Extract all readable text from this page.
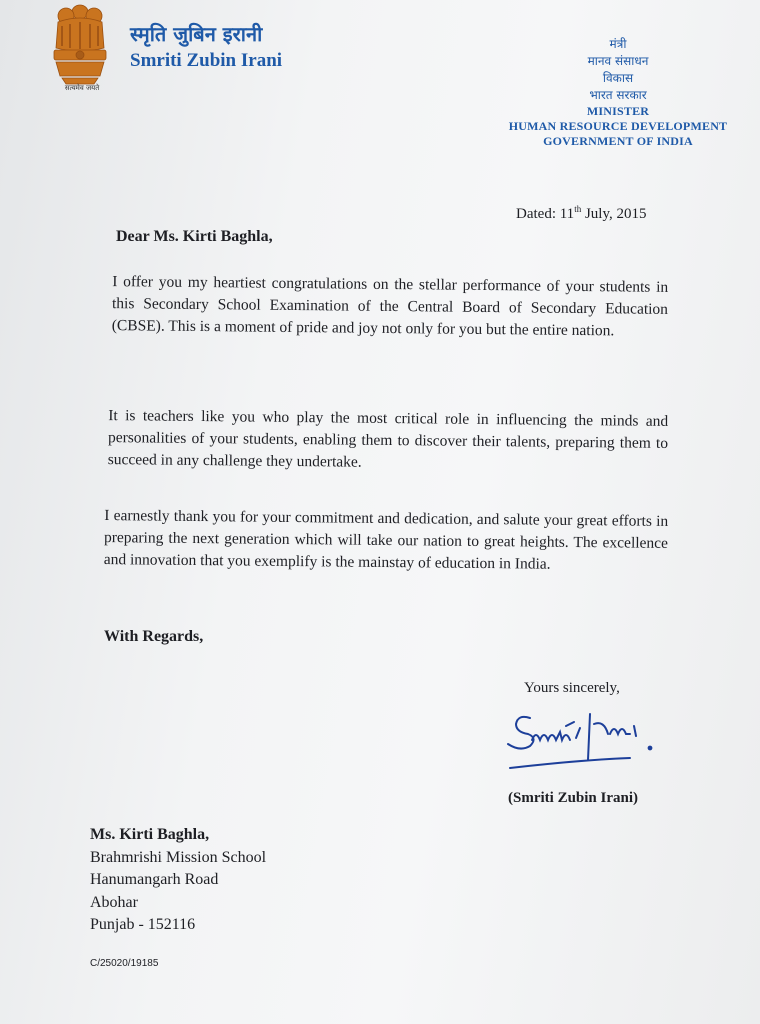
सत्यमेव जयते
स्मृति जुबिन इरानी
Smriti Zubin Irani
मंत्री
मानव संसाधन
विकास
भारत सरकार
MINISTER
HUMAN RESOURCE DEVELOPMENT
GOVERNMENT OF INDIA
Dated: 11th July, 2015
Dear Ms. Kirti Baghla,
I offer you my heartiest congratulations on the stellar performance of your students in this Secondary School Examination of the Central Board of Secondary Education (CBSE). This is a moment of pride and joy not only for you but the entire nation.
It is teachers like you who play the most critical role in influencing the minds and personalities of your students, enabling them to discover their talents, preparing them to succeed in any challenge they undertake.
I earnestly thank you for your commitment and dedication, and salute your great efforts in preparing the next generation which will take our nation to great heights. The excellence and innovation that you exemplify is the mainstay of education in India.
With Regards,
Yours sincerely,
(Smriti Zubin Irani)
Ms. Kirti Baghla,
Brahmrishi Mission School
Hanumangarh Road
Abohar
Punjab - 152116
C/25020/19185
